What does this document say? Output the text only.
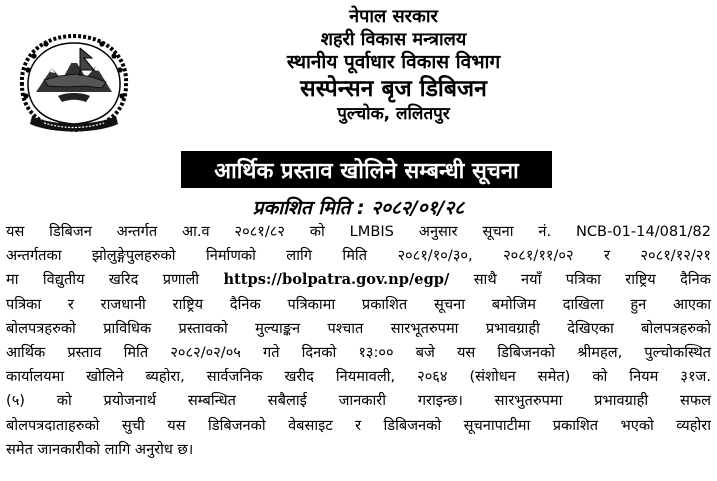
नेपाल सरकार
शहरी विकास मन्त्रालय
स्थानीय पूर्वाधार विकास विभाग
सस्पेन्सन बृज डिबिजन
पुल्चोक, ललितपुर
आर्थिक प्रस्ताव खोलिने सम्बन्धी सूचना
प्रकाशित मिति : २०८२/०१/२८
यस डिबिजन अन्तर्गत आ.व २०८१/८२ को LMBIS अनुसार सूचना नं. NCB-01-14/081/82
अन्तर्गतका झोलुङ्गेपुलहरुको निर्माणको लागि मिति २०८१/१०/३०, २०८१/११/०२ र २०८१/१२/२१
मा विद्युतीय खरिद प्रणाली https://bolpatra.gov.np/egp/ साथै नयाँ पत्रिका राष्ट्रिय दैनिक
पत्रिका र राजधानी राष्ट्रिय दैनिक पत्रिकामा प्रकाशित सूचना बमोजिम दाखिला हुन आएका
बोलपत्रहरुको प्राविधिक प्रस्तावको मुल्याङ्कन पश्चात सारभूतरुपमा प्रभावग्राही देखिएका बोलपत्रहरुको
आर्थिक प्रस्ताव मिति २०८२/०२/०५ गते दिनको १३:०० बजे यस डिबिजनको श्रीमहल, पुल्चोकस्थित
कार्यालयमा खोलिने ब्यहोरा, सार्वजनिक खरीद नियमावली, २०६४ (संशोधन समेत) को नियम ३१ज.
(५) को प्रयोजनार्थ सम्बन्धित सबैलाई जानकारी गराइन्छ। सारभुतरुपमा प्रभावग्राही सफल
बोलपत्रदाताहरुको सुची यस डिबिजनको वेबसाइट र डिबिजनको सूचनापाटीमा प्रकाशित भएको व्यहोरा
समेत जानकारीको लागि अनुरोध छ।
